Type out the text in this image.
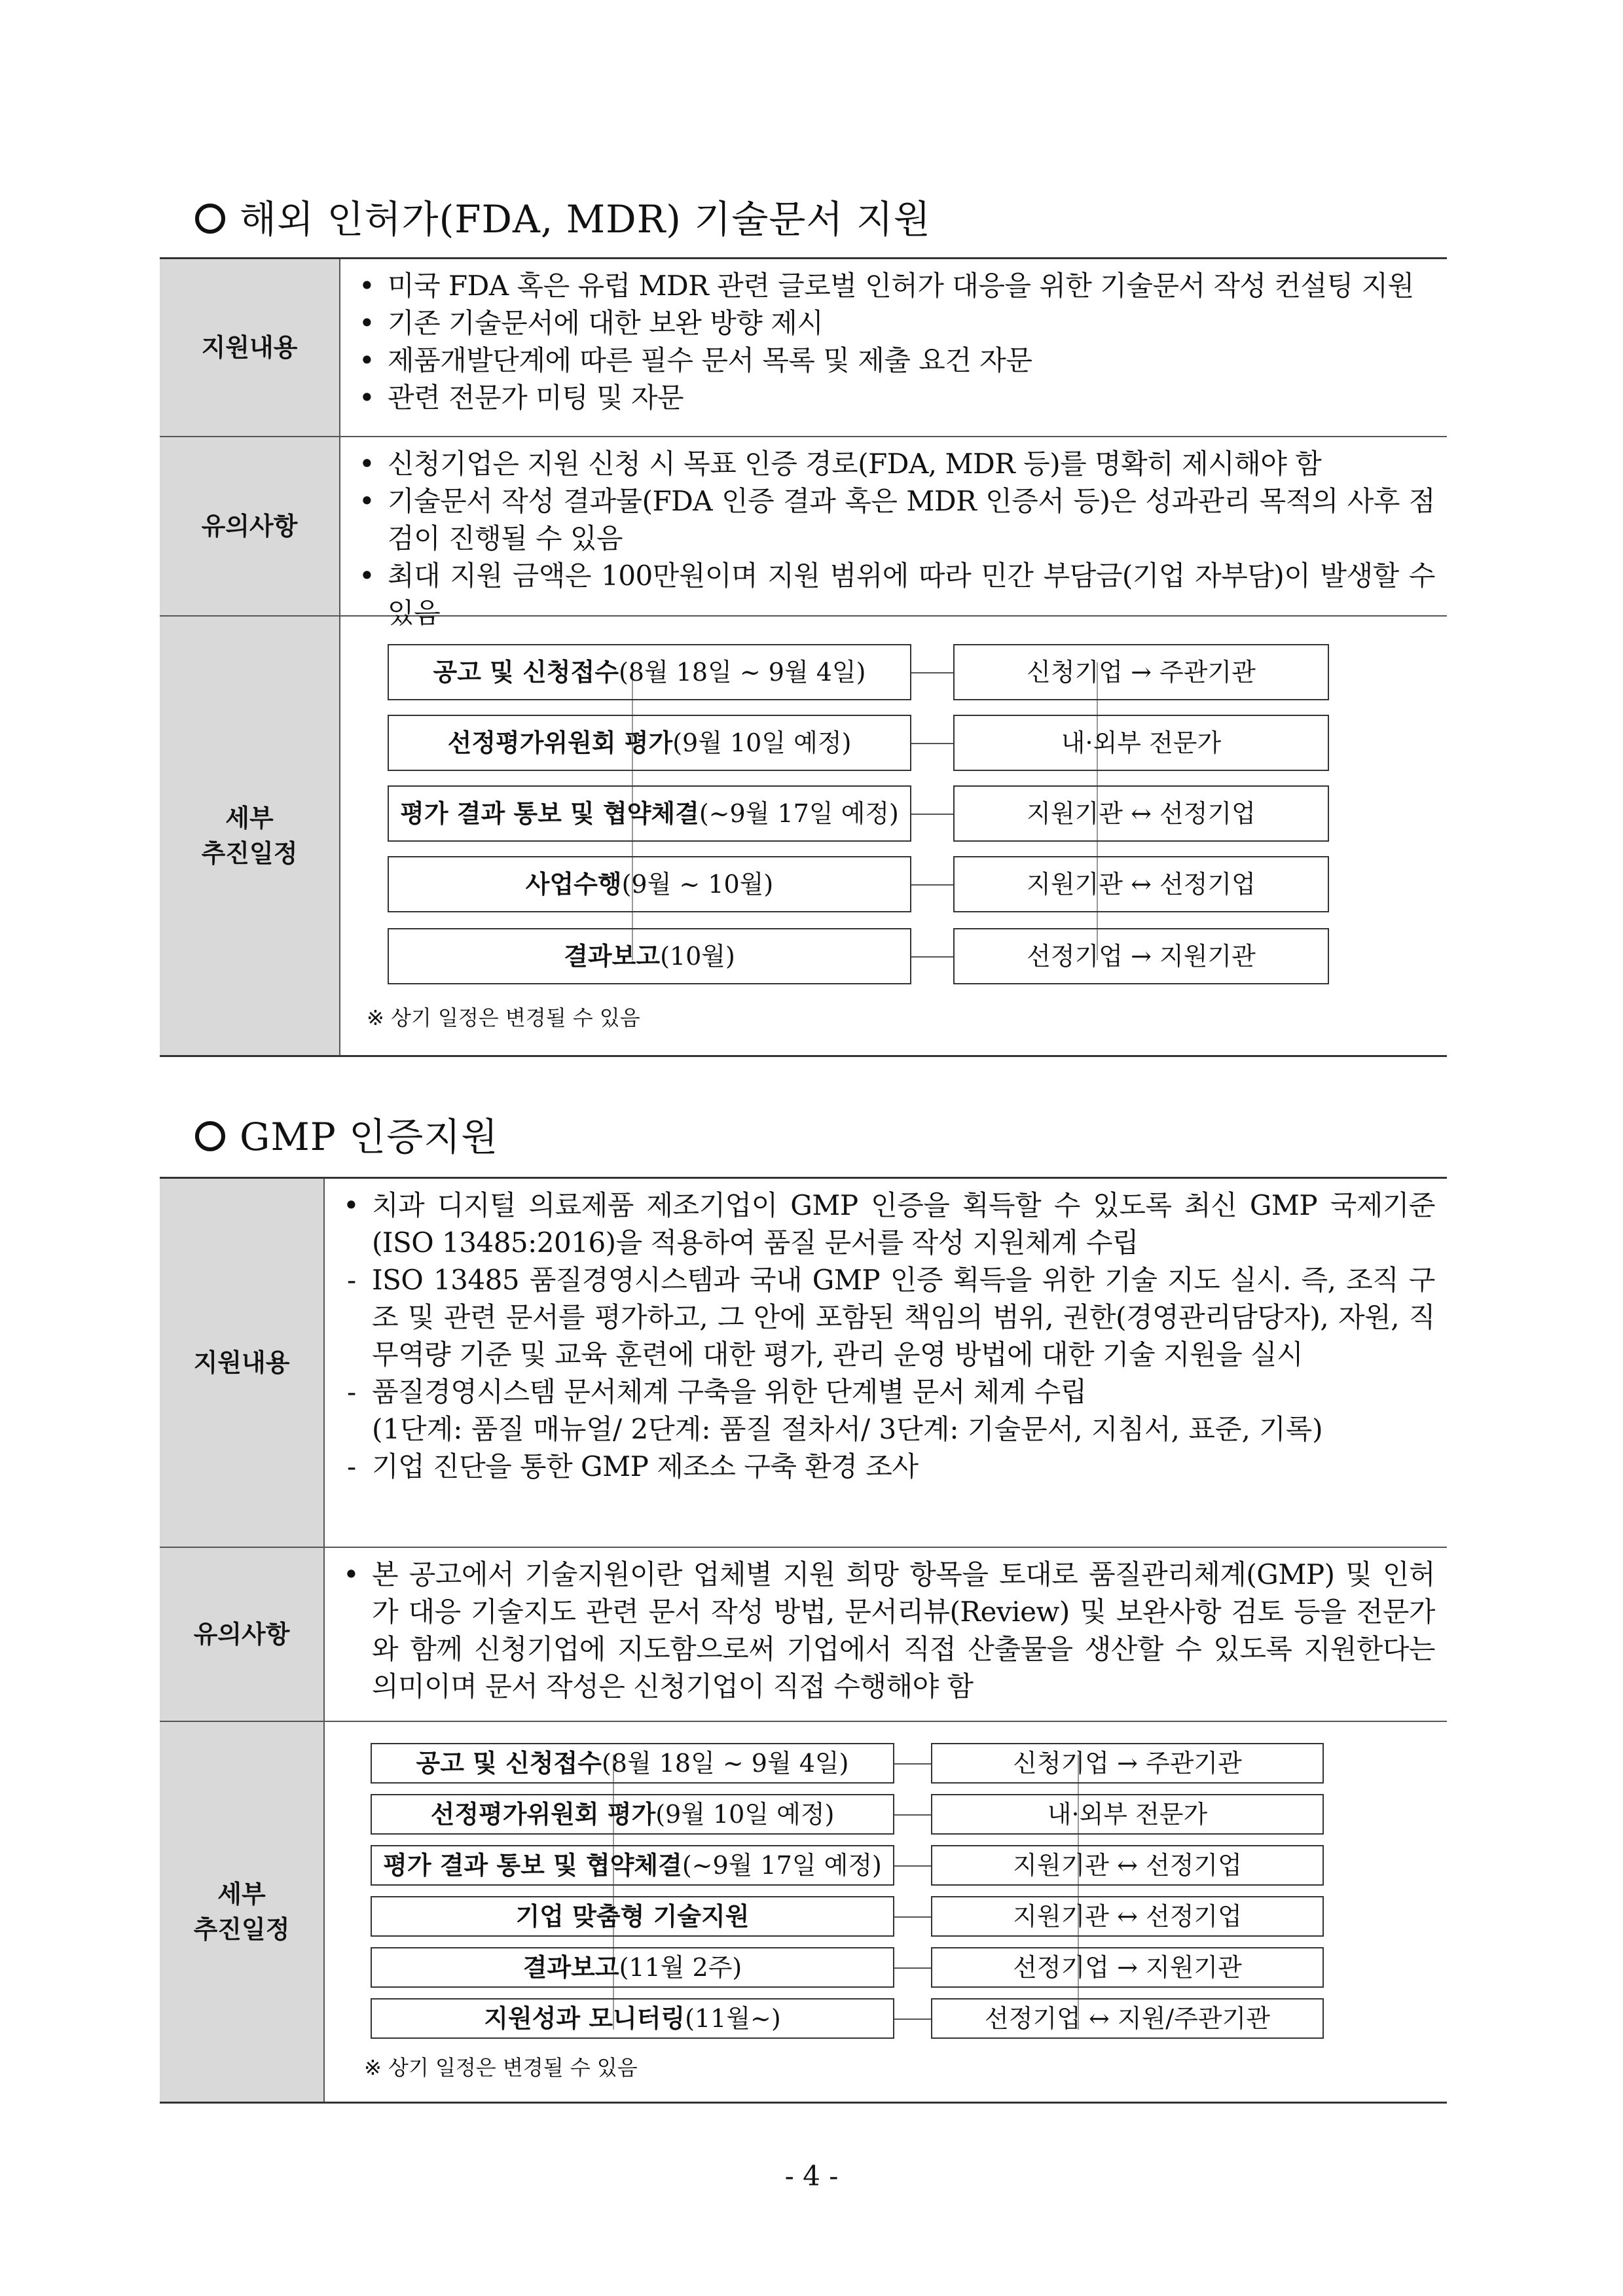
해외 인허가(FDA, MDR) 기술문서 지원
지원내용
• 미국 FDA 혹은 유럽 MDR 관련 글로벌 인허가 대응을 위한 기술문서 작성 컨설팅 지원
• 기존 기술문서에 대한 보완 방향 제시
• 제품개발단계에 따른 필수 문서 목록 및 제출 요건 자문
• 관련 전문가 미팅 및 자문
유의사항
• 신청기업은 지원 신청 시 목표 인증 경로(FDA, MDR 등)를 명확히 제시해야 함
• 기술문서 작성 결과물(FDA 인증 결과 혹은 MDR 인증서 등)은 성과관리 목적의 사후 점검이 진행될 수 있음
• 최대 지원 금액은 100만원이며 지원 범위에 따라 민간 부담금(기업 자부담)이 발생할 수 있음
세부
추진일정
공고 및 신청접수 (8월 18일 ~ 9월 4일)	신청기업 → 주관기관
선정평가위원회 평가 (9월 10일 예정)	내·외부 전문가
평가 결과 통보 및 협약체결 (~9월 17일 예정)	지원기관 ↔ 선정기업
사업수행 (9월 ~ 10월)	지원기관 ↔ 선정기업
결과보고 (10월)	선정기업 → 지원기관
※ 상기 일정은 변경될 수 있음
GMP 인증지원
지원내용
• 치과 디지털 의료제품 제조기업이 GMP 인증을 획득할 수 있도록 최신 GMP 국제기준(ISO 13485:2016)을 적용하여 품질 문서를 작성 지원체계 수립
- ISO 13485 품질경영시스템과 국내 GMP 인증 획득을 위한 기술 지도 실시. 즉, 조직 구조 및 관련 문서를 평가하고, 그 안에 포함된 책임의 범위, 권한(경영관리담당자), 자원, 직무역량 기준 및 교육 훈련에 대한 평가, 관리 운영 방법에 대한 기술 지원을 실시
- 품질경영시스템 문서체계 구축을 위한 단계별 문서 체계 수립
(1단계: 품질 매뉴얼/ 2단계: 품질 절차서/ 3단계: 기술문서, 지침서, 표준, 기록)
- 기업 진단을 통한 GMP 제조소 구축 환경 조사
유의사항
• 본 공고에서 기술지원이란 업체별 지원 희망 항목을 토대로 품질관리체계(GMP) 및 인허가 대응 기술지도 관련 문서 작성 방법, 문서리뷰(Review) 및 보완사항 검토 등을 전문가와 함께 신청기업에 지도함으로써 기업에서 직접 산출물을 생산할 수 있도록 지원한다는 의미이며 문서 작성은 신청기업이 직접 수행해야 함
세부
추진일정
공고 및 신청접수 (8월 18일 ~ 9월 4일)	신청기업 → 주관기관
선정평가위원회 평가 (9월 10일 예정)	내·외부 전문가
평가 결과 통보 및 협약체결 (~9월 17일 예정)	지원기관 ↔ 선정기업
기업 맞춤형 기술지원	지원기관 ↔ 선정기업
결과보고 (11월 2주)	선정기업 → 지원기관
지원성과 모니터링 (11월~)	선정기업 ↔ 지원/주관기관
※ 상기 일정은 변경될 수 있음
- 4 -
